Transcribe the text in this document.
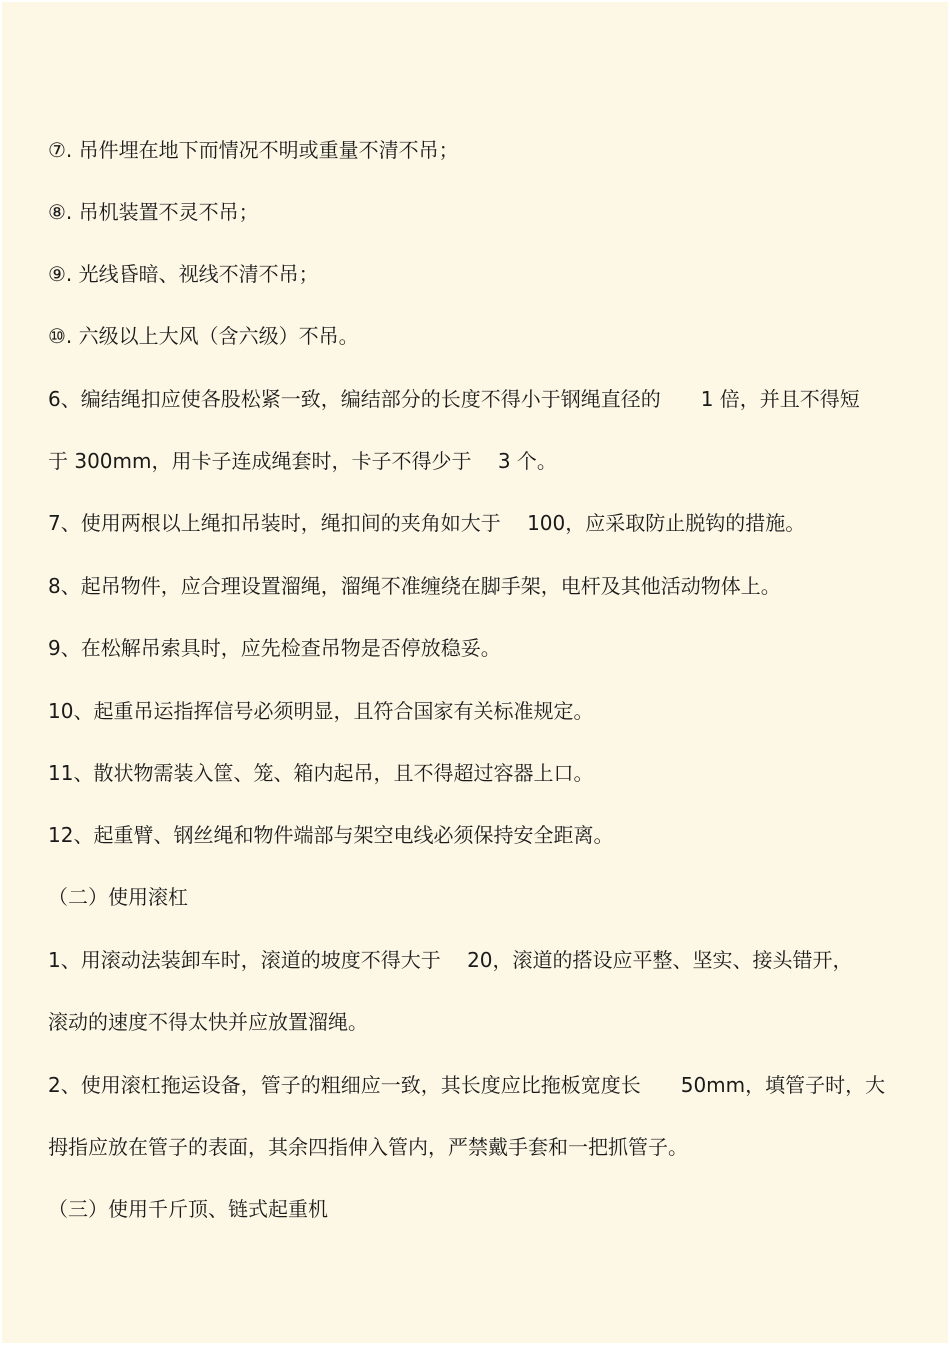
⑦. 吊件埋在地下而情况不明或重量不清不吊；
⑧. 吊机装置不灵不吊；
⑨. 光线昏暗、视线不清不吊；
⑩. 六级以上大风（含六级）不吊。
6、编结绳扣应使各股松紧一致，编结部分的长度不得小于钢绳直径的　　1 倍，并且不得短
于 300mm，用卡子连成绳套时，卡子不得少于　 3 个。
7、使用两根以上绳扣吊装时，绳扣间的夹角如大于　 100，应采取防止脱钩的措施。
8、起吊物件，应合理设置溜绳，溜绳不准缠绕在脚手架，电杆及其他活动物体上。
9、在松解吊索具时，应先检查吊物是否停放稳妥。
10、起重吊运指挥信号必须明显，且符合国家有关标准规定。
11、散状物需装入筐、笼、箱内起吊，且不得超过容器上口。
12、起重臂、钢丝绳和物件端部与架空电线必须保持安全距离。
（二）使用滚杠
1、用滚动法装卸车时，滚道的坡度不得大于　 20，滚道的搭设应平整、坚实、接头错开，
滚动的速度不得太快并应放置溜绳。
2、使用滚杠拖运设备，管子的粗细应一致，其长度应比拖板宽度长　　50mm，填管子时，大
拇指应放在管子的表面，其余四指伸入管内，严禁戴手套和一把抓管子。
（三）使用千斤顶、链式起重机
